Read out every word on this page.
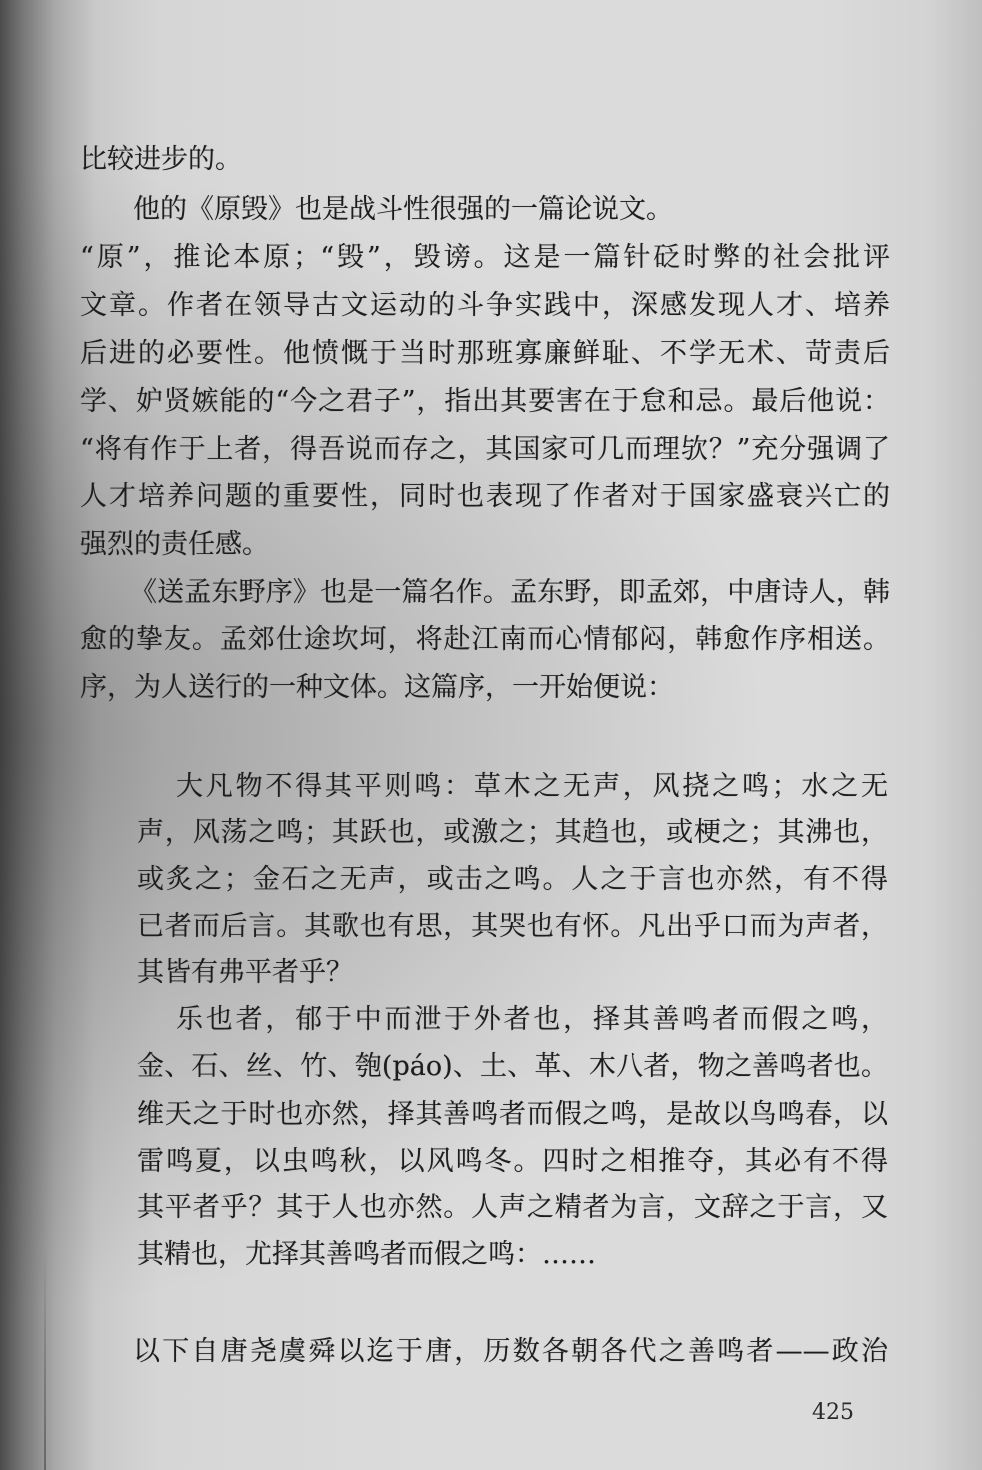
比较进步的。
他的《原毁》也是战斗性很强的一篇论说文。
“原”，推论本原；“毁”，毁谤。这是一篇针砭时弊的社会批评
文章。作者在领导古文运动的斗争实践中，深感发现人才、培养
后进的必要性。他愤慨于当时那班寡廉鲜耻、不学无术、苛责后
学、妒贤嫉能的“今之君子”，指出其要害在于怠和忌。最后他说：
“将有作于上者，得吾说而存之，其国家可几而理欤？”充分强调了
人才培养问题的重要性，同时也表现了作者对于国家盛衰兴亡的
强烈的责任感。
《送孟东野序》也是一篇名作。孟东野，即孟郊，中唐诗人，韩
愈的挚友。孟郊仕途坎坷，将赴江南而心情郁闷，韩愈作序相送。
序，为人送行的一种文体。这篇序，一开始便说：
大凡物不得其平则鸣：草木之无声，风挠之鸣；水之无
声，风荡之鸣；其跃也，或激之；其趋也，或梗之；其沸也，
或炙之；金石之无声，或击之鸣。人之于言也亦然，有不得
已者而后言。其歌也有思，其哭也有怀。凡出乎口而为声者，
其皆有弗平者乎？
乐也者，郁于中而泄于外者也，择其善鸣者而假之鸣，
金、石、丝、竹、匏(páo)、土、革、木八者，物之善鸣者也。
维天之于时也亦然，择其善鸣者而假之鸣，是故以鸟鸣春，以
雷鸣夏，以虫鸣秋，以风鸣冬。四时之相推夺，其必有不得
其平者乎？其于人也亦然。人声之精者为言，文辞之于言，又
其精也，尤择其善鸣者而假之鸣：……
以下自唐尧虞舜以迄于唐，历数各朝各代之善鸣者——政治
425
